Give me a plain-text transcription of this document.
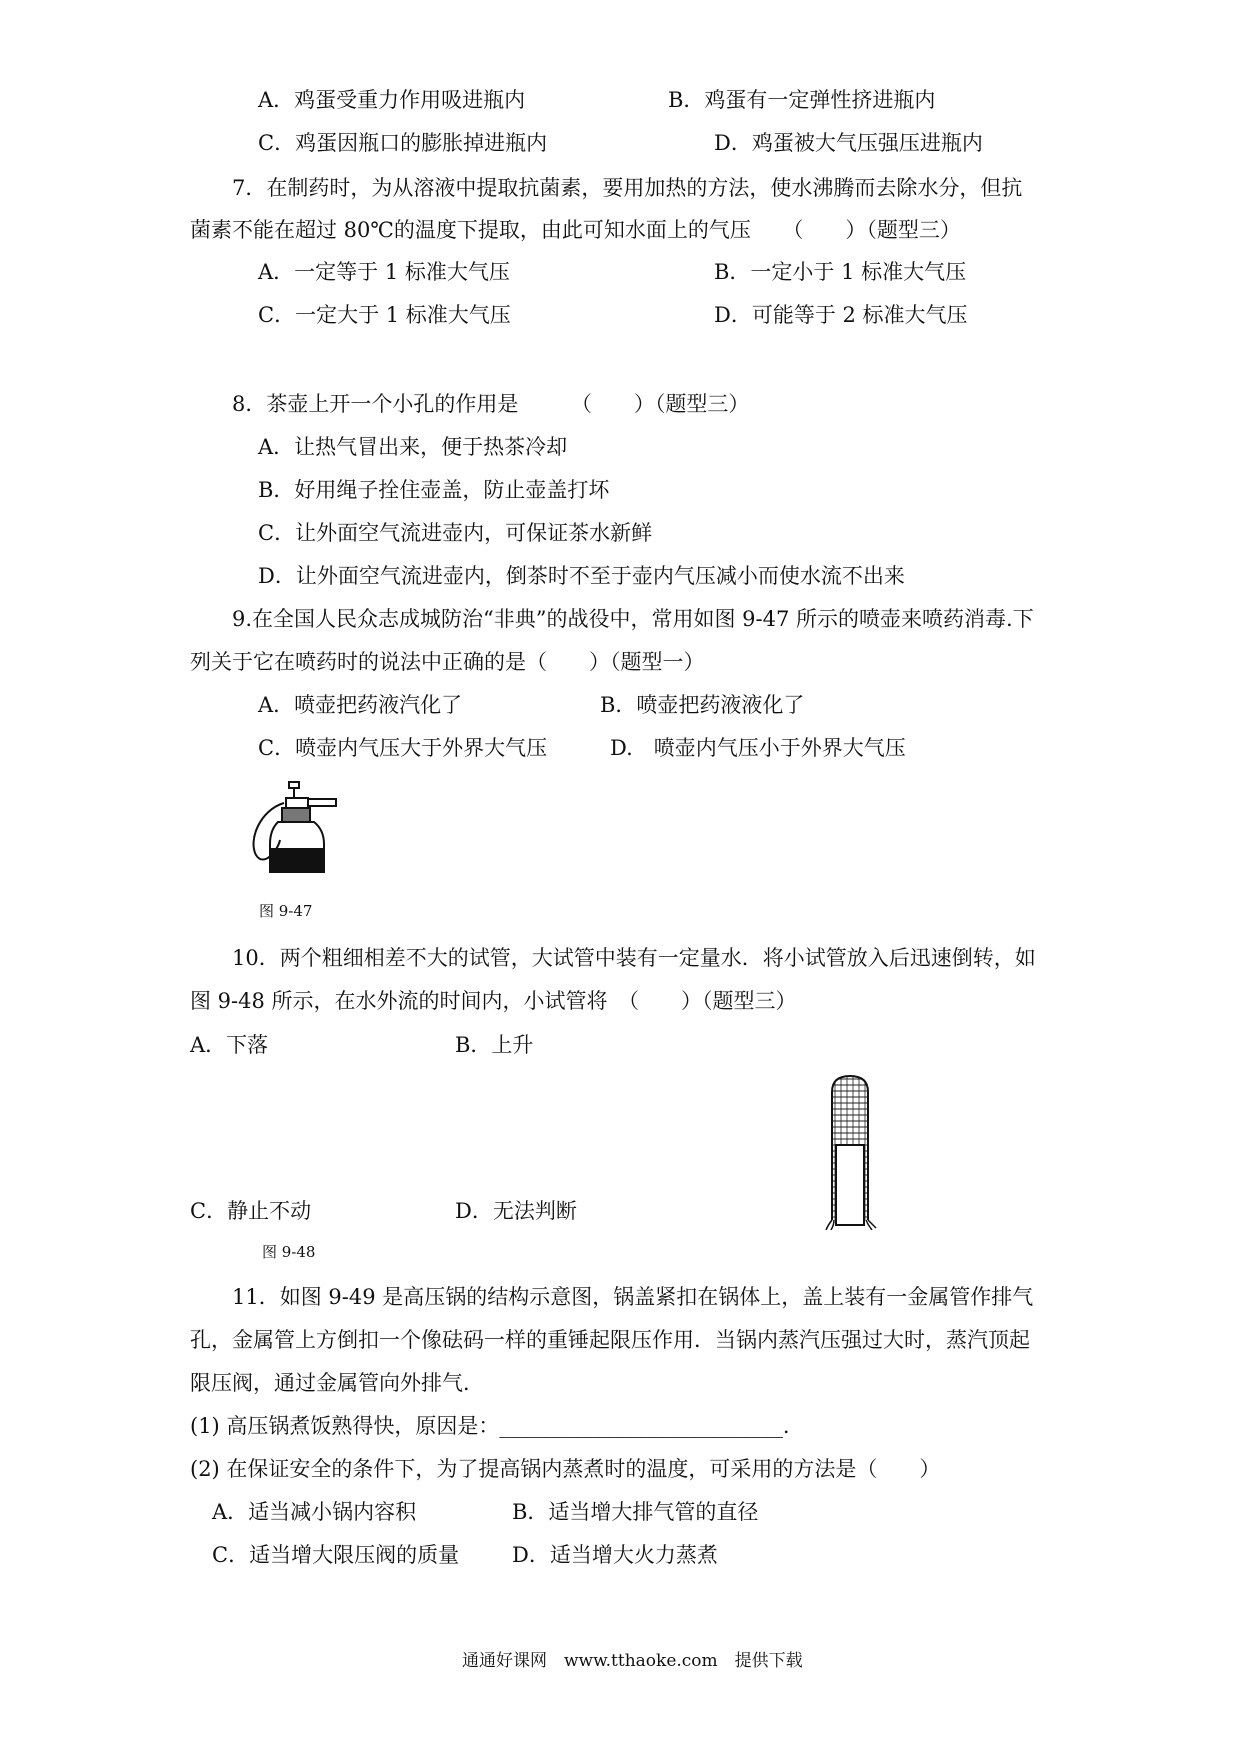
A．鸡蛋受重力作用吸进瓶内	B．鸡蛋有一定弹性挤进瓶内
C．鸡蛋因瓶口的膨胀掉进瓶内	D．鸡蛋被大气压强压进瓶内
7．在制药时，为从溶液中提取抗菌素，要用加热的方法，使水沸腾而去除水分，但抗
菌素不能在超过 80℃的温度下提取，由此可知水面上的气压　　（　　）（题型三）
A．一定等于 1 标准大气压	B．一定小于 1 标准大气压
C．一定大于 1 标准大气压	D．可能等于 2 标准大气压
8．茶壶上开一个小孔的作用是　　　（　　）（题型三）
A．让热气冒出来，便于热茶冷却
B．好用绳子拴住壶盖，防止壶盖打坏
C．让外面空气流进壶内，可保证茶水新鲜
D．让外面空气流进壶内，倒茶时不至于壶内气压减小而使水流不出来
9.在全国人民众志成城防治“非典”的战役中，常用如图 9-47 所示的喷壶来喷药消毒.下
列关于它在喷药时的说法中正确的是（　　）（题型一）
A．喷壶把药液汽化了	B．喷壶把药液液化了
C．喷壶内气压大于外界大气压	D.　喷壶内气压小于外界大气压
图 9-47
10．两个粗细相差不大的试管，大试管中装有一定量水．将小试管放入后迅速倒转，如
图 9-48 所示，在水外流的时间内，小试管将　（　　）（题型三）
A．下落	B．上升
C．静止不动	D．无法判断
图 9-48
11．如图 9-49 是高压锅的结构示意图，锅盖紧扣在锅体上，盖上装有一金属管作排气
孔，金属管上方倒扣一个像砝码一样的重锤起限压作用．当锅内蒸汽压强过大时，蒸汽顶起
限压阀，通过金属管向外排气．
(1) 高压锅煮饭熟得快，原因是：___________________________.
(2) 在保证安全的条件下，为了提高锅内蒸煮时的温度，可采用的方法是（　　）
A．适当减小锅内容积	B．适当增大排气管的直径
C．适当增大限压阀的质量	D．适当增大火力蒸煮
通通好课网　www.tthaoke.com　提供下载
